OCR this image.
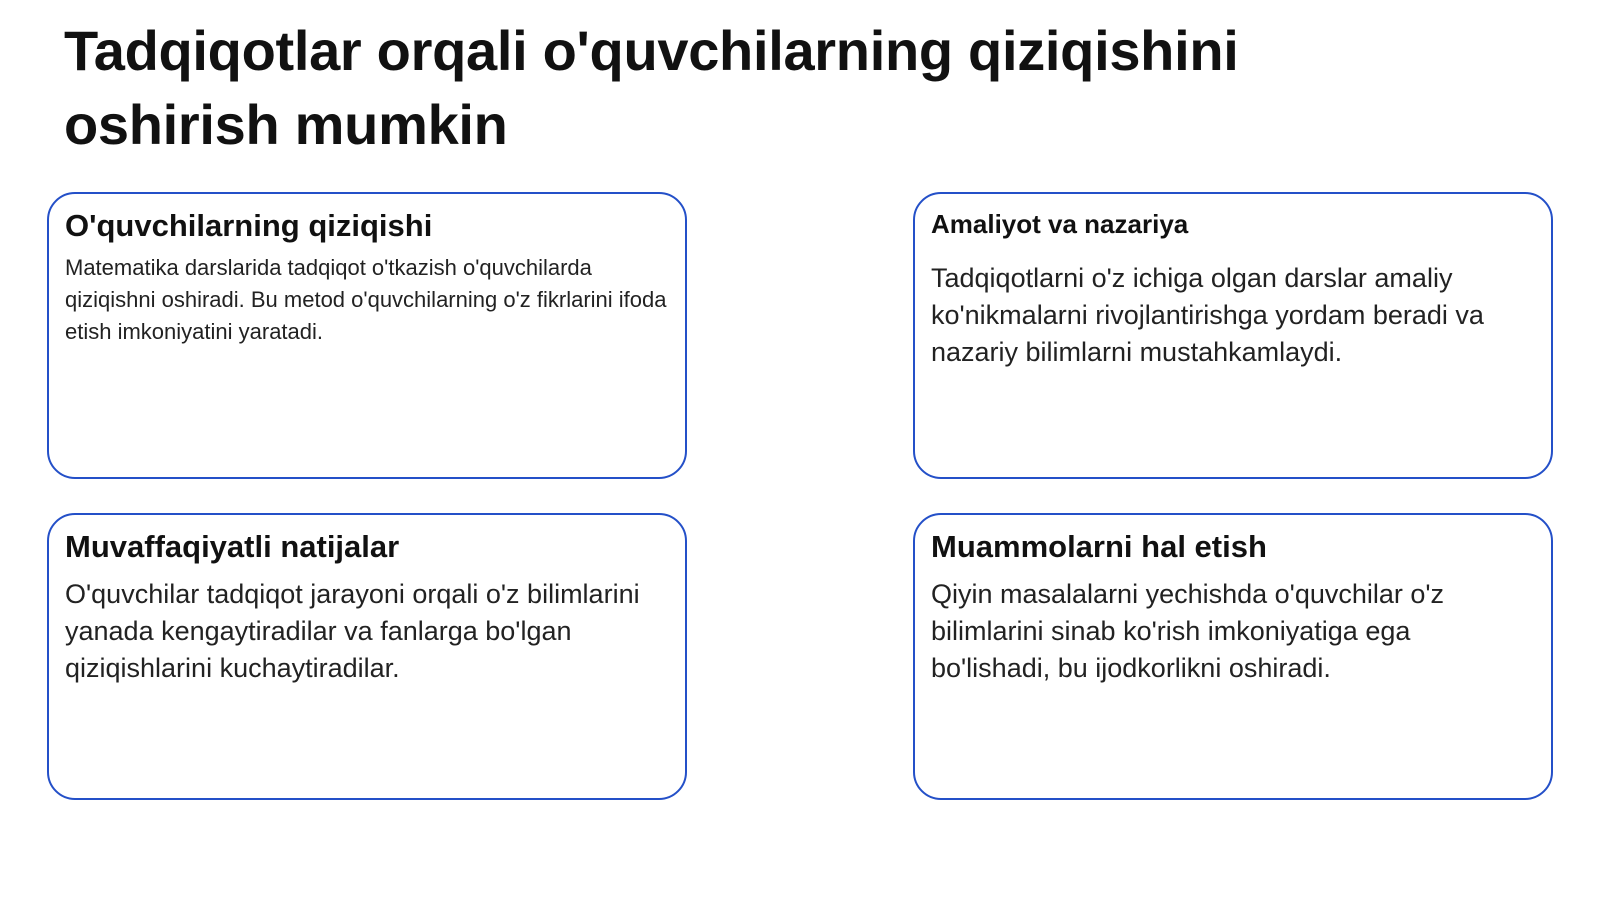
Tadqiqotlar orqali o'quvchilarning qiziqishini oshirish mumkin
O'quvchilarning qiziqishi

Matematika darslarida tadqiqot o'tkazish o'quvchilarda qiziqishni oshiradi. Bu metod o'quvchilarning o'z fikrlarini ifoda etish imkoniyatini yaratadi.

Amaliyot va nazariya

Tadqiqotlarni o'z ichiga olgan darslar amaliy ko'nikmalarni rivojlantirishga yordam beradi va nazariy bilimlarni mustahkamlaydi.

Muvaffaqiyatli natijalar

O'quvchilar tadqiqot jarayoni orqali o'z bilimlarini yanada kengaytiradilar va fanlarga bo'lgan qiziqishlarini kuchaytiradilar.

Muammolarni hal etish

Qiyin masalalarni yechishda o'quvchilar o'z bilimlarini sinab ko'rish imkoniyatiga ega bo'lishadi, bu ijodkorlikni oshiradi.
